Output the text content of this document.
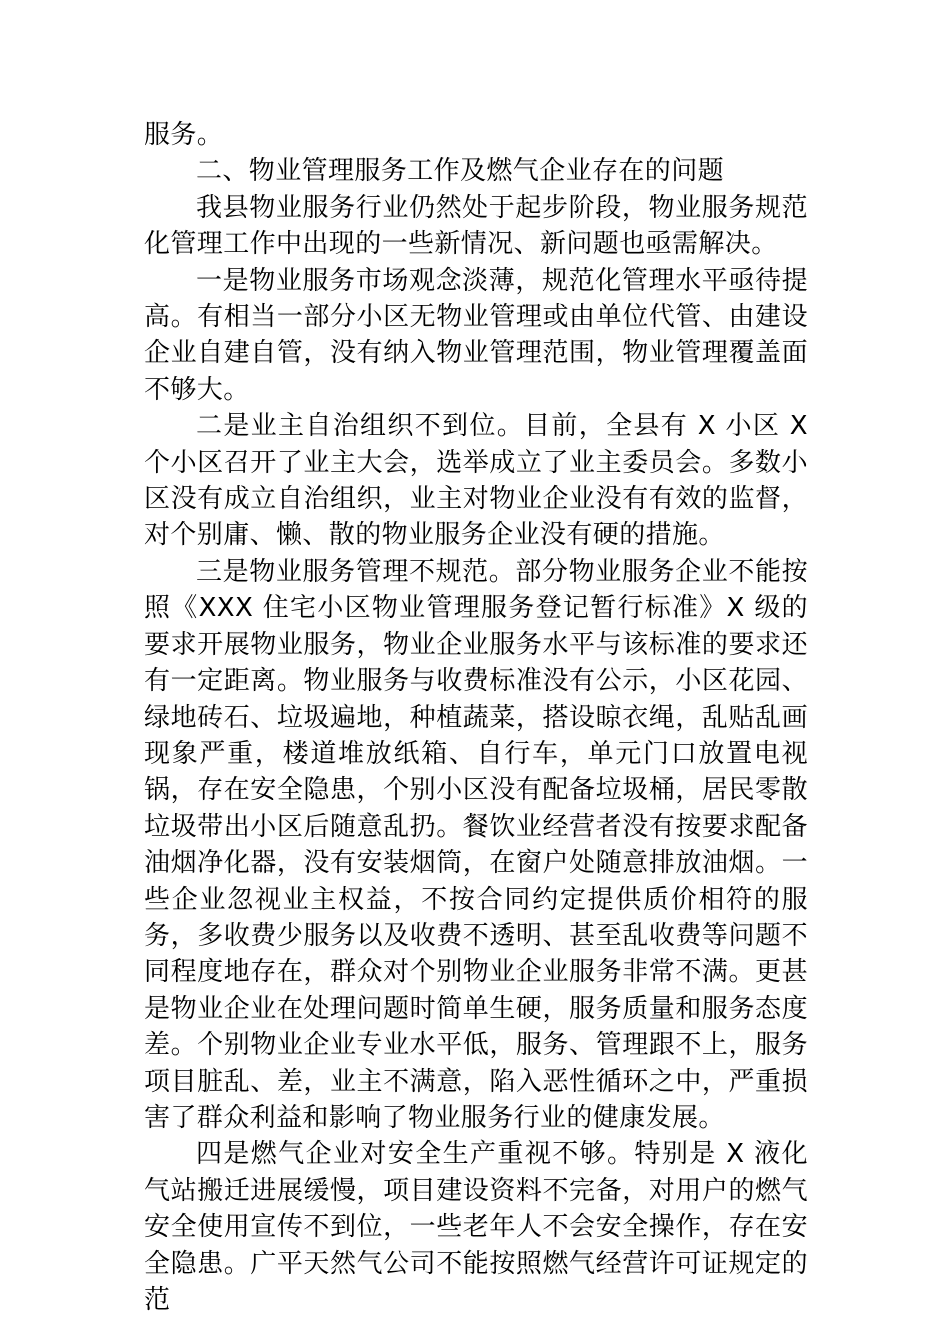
服务。

二、物业管理服务工作及燃气企业存在的问题

我县物业服务行业仍然处于起步阶段，物业服务规范化管理工作中出现的一些新情况、新问题也亟需解决。

一是物业服务市场观念淡薄，规范化管理水平亟待提高。有相当一部分小区无物业管理或由单位代管、由建设企业自建自管，没有纳入物业管理范围，物业管理覆盖面不够大。

二是业主自治组织不到位。目前，全县有 X 小区 X 个小区召开了业主大会，选举成立了业主委员会。多数小区没有成立自治组织，业主对物业企业没有有效的监督，对个别庸、懒、散的物业服务企业没有硬的措施。

三是物业服务管理不规范。部分物业服务企业不能按照《XXX 住宅小区物业管理服务登记暂行标准》X 级的要求开展物业服务，物业企业服务水平与该标准的要求还有一定距离。物业服务与收费标准没有公示，小区花园、绿地砖石、垃圾遍地，种植蔬菜，搭设晾衣绳，乱贴乱画现象严重，楼道堆放纸箱、自行车，单元门口放置电视锅，存在安全隐患，个别小区没有配备垃圾桶，居民零散垃圾带出小区后随意乱扔。餐饮业经营者没有按要求配备油烟净化器，没有安装烟筒，在窗户处随意排放油烟。一些企业忽视业主权益，不按合同约定提供质价相符的服务，多收费少服务以及收费不透明、甚至乱收费等问题不同程度地存在，群众对个别物业企业服务非常不满。更甚是物业企业在处理问题时简单生硬，服务质量和服务态度差。个别物业企业专业水平低，服务、管理跟不上，服务项目脏乱、差，业主不满意，陷入恶性循环之中，严重损害了群众利益和影响了物业服务行业的健康发展。

四是燃气企业对安全生产重视不够。特别是 X 液化气站搬迁进展缓慢，项目建设资料不完备，对用户的燃气安全使用宣传不到位，一些老年人不会安全操作，存在安全隐患。广平天然气公司不能按照燃气经营许可证规定的范
